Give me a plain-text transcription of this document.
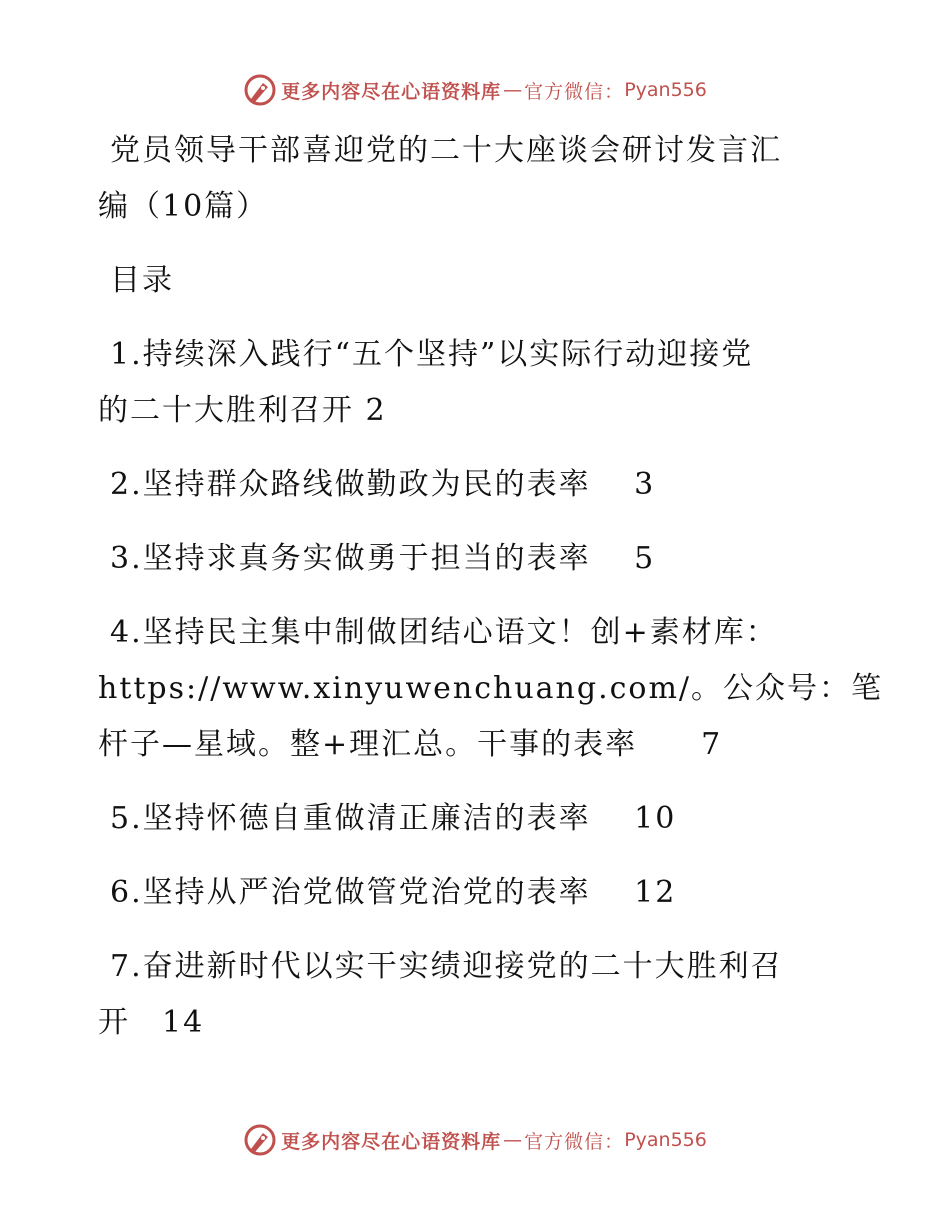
更多内容尽在心语资料库 — 官方微信： Pyan556
党员领导干部喜迎党的二十大座谈会研讨发言汇
编（10篇）
目录
1.持续深入践行“五个坚持”以实际行动迎接党
的二十大胜利召开 2
2.坚持群众路线做勤政为民的表率　 3
3.坚持求真务实做勇于担当的表率　 5
4.坚持民主集中制做团结心语文！创+素材库：
https://www.xinyuwenchuang.com/。公众号：笔
杆子—星域。整+理汇总。干事的表率　　7
5.坚持怀德自重做清正廉洁的表率　 10
6.坚持从严治党做管党治党的表率　 12
7.奋进新时代以实干实绩迎接党的二十大胜利召
开　14
更多内容尽在心语资料库 — 官方微信： Pyan556
